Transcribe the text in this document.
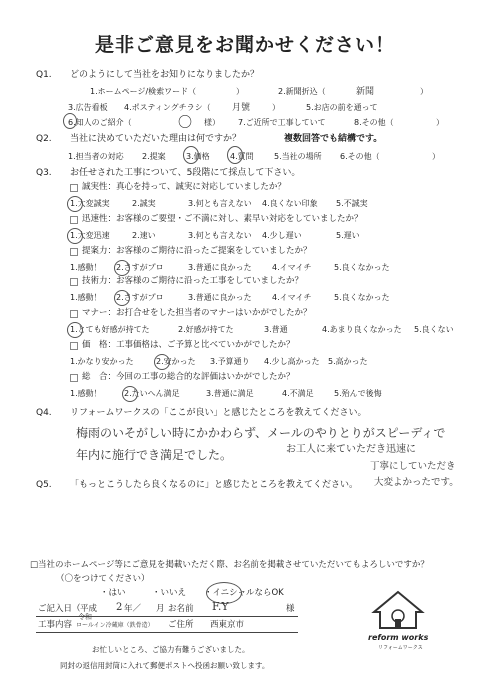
是非ご意見をお聞かせください！
Q1. どのようにして当社をお知りになりましたか？
1.ホームページ/検索ワード（	）	2.新聞折込（	新聞	）
3.広告看板 4.ポスティングチラシ（ 月號	）	5.お店の前を通って
6.知人のご紹介（	〇 様） 7.ご近所で工事していて	8.その他（	）
Q2. 当社に決めていただいた理由は何ですか？	複数回答でも結構です。
1.担当者の対応 2.提案	3.価格	4.質問	5.当社の場所 6.その他（	）
Q3. お任せされた工事について、5段階にて採点して下さい。
誠実性：真心を持って、誠実に対応していましたか？
1.大変誠実	2.誠実	3.何とも言えない 4.良くない印象 5.不誠実
迅速性：お客様のご要望・ご不満に対し、素早い対応をしていましたか？
1.大変迅速	2.速い	3.何とも言えない 4.少し遅い	5.遅い
提案力：お客様のご期待に沿ったご提案をしていましたか？
1.感動！ 2.さすがプロ	3.普通に良かった	4.イマイチ	5.良くなかった
技術力：お客様のご期待に沿った工事をしていましたか？
1.感動！ 2.さすがプロ	3.普通に良かった	4.イマイチ	5.良くなかった
マナー：お打合せをした担当者のマナーはいかがでしたか？
1.とても好感が持てた	2.好感が持てた	3.普通	4.あまり良くなかった 5.良くない
価　格：工事価格は、ご予算と比べていかがでしたか？
1.かなり安かった	2.安かった 3.予算通り 4.少し高かった 5.高かった
総　合：今回の工事の総合的な評価はいかがでしたか？
1.感動！	2.たいへん満足	3.普通に満足	4.不満足	5.殆んで後悔
Q4. リフォームワークスの「ここが良い」と感じたところを教えてください。
梅雨のいそがしい時にかかわらず、メールのやりとりがスピーディで
年内に施行でき満足でした。	お工人に来ていただき迅速に
丁寧にしていただき
大変よかったです。
Q5. 「もっとこうしたら良くなるのに」と感じたところを教えてください。
□当社のホームページ等にご意見を掲載いただく際、お名前を掲載させていただいてもよろしいですか？
（〇をつけてください）
・はい	・いいえ ・イニシャルならOK
ご記入日（ 平成
令和
2 年／ 月 お名前 F.Y	様
工事内容 ロールイン冷蔵庫（鉄骨造） ご住所 西東京市
お忙しいところ、ご協力有難うございました。
同封の返信用封筒に入れて郵便ポストへ投函お願い致します。
reform works
リフォームワークス
